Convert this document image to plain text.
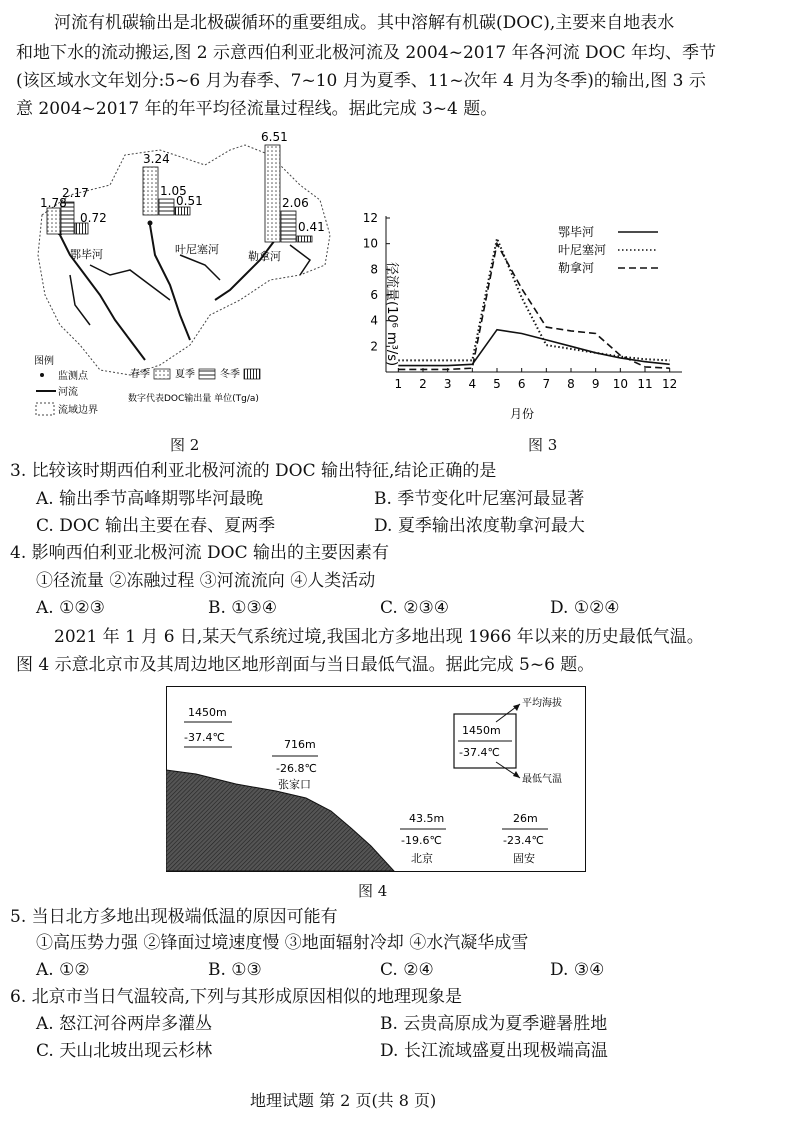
河流有机碳输出是北极碳循环的重要组成。其中溶解有机碳(DOC),主要来自地表水
和地下水的流动搬运,图 2 示意西伯利亚北极河流及 2004~2017 年各河流 DOC 年均、季节
(该区域水文年划分:5~6 月为春季、7~10 月为夏季、11~次年 4 月为冬季)的输出,图 3 示
意 2004~2017 年的年平均径流量过程线。据此完成 3~4 题。
1.78
2.17
0.72
3.24
1.05
0.51
6.51
2.06
0.41
鄂毕河	叶尼塞河
勒拿河
图例
监测点
河流
流域边界
春季	夏季	冬季
数字代表DOC输出量 单位(Tg/a)
图 2
径流量(10⁶ m³/s)
月份
2
4
6
8
10
12
1 2 3 4 5 6 7 8 9 10 11 12
鄂毕河
叶尼塞河
勒拿河
图 3
3. 比较该时期西伯利亚北极河流的 DOC 输出特征,结论正确的是
A. 输出季节高峰期鄂毕河最晚	B. 季节变化叶尼塞河最显著
C. DOC 输出主要在春、夏两季	D. 夏季输出浓度勒拿河最大
4. 影响西伯利亚北极河流 DOC 输出的主要因素有
①径流量 ②冻融过程 ③河流流向 ④人类活动
A. ①②③	B. ①③④	C. ②③④	D. ①②④
2021 年 1 月 6 日,某天气系统过境,我国北方多地出现 1966 年以来的历史最低气温。
图 4 示意北京市及其周边地区地形剖面与当日最低气温。据此完成 5~6 题。
1450m
-37.4℃
康保
716m
-26.8℃
张家口
43.5m
-19.6℃
北京
26m
-23.4℃
固安
1450m
-37.4℃
平均海拔
最低气温
图 4
5. 当日北方多地出现极端低温的原因可能有
①高压势力强 ②锋面过境速度慢 ③地面辐射冷却 ④水汽凝华成雪
A. ①②	B. ①③	C. ②④	D. ③④
6. 北京市当日气温较高,下列与其形成原因相似的地理现象是
A. 怒江河谷两岸多灌丛	B. 云贵高原成为夏季避暑胜地
C. 天山北坡出现云杉林	D. 长江流域盛夏出现极端高温
地理试题 第 2 页(共 8 页)
